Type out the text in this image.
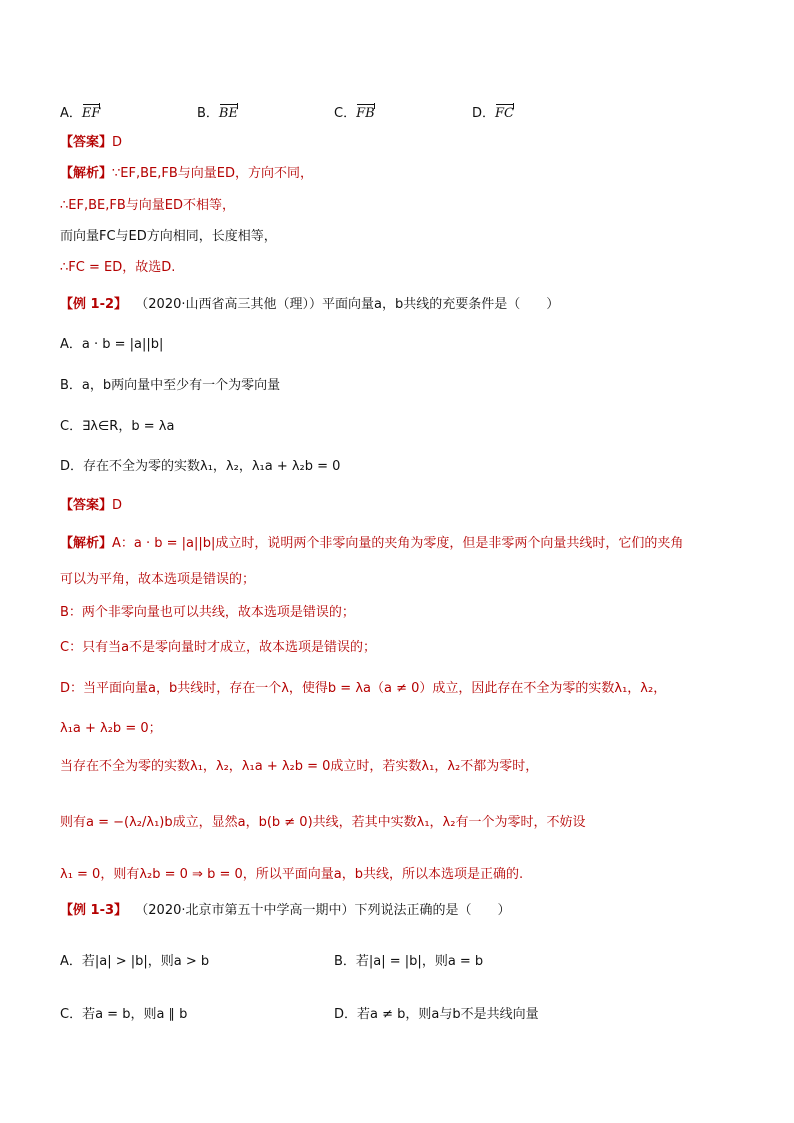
A．EF	B．BE	C．FB	D．FC
【答案】D
【解析】∵EF,BE,FB与向量ED，方向不同，
∴EF,BE,FB与向量ED不相等，
而向量FC与ED方向相同，长度相等，
∴FC = ED，故选D.
【例 1-2】 （2020·山西省高三其他（理））平面向量a，b共线的充要条件是（　　）
A．a · b = |a||b|
B．a，b两向量中至少有一个为零向量
C．∃λ∈R，b = λa
D．存在不全为零的实数λ₁，λ₂，λ₁a + λ₂b = 0
【答案】D
【解析】A：a · b = |a||b|成立时，说明两个非零向量的夹角为零度，但是非零两个向量共线时，它们的夹角
可以为平角，故本选项是错误的；
B：两个非零向量也可以共线，故本选项是错误的；
C：只有当a不是零向量时才成立，故本选项是错误的；
D：当平面向量a，b共线时，存在一个λ，使得b = λa（a ≠ 0）成立，因此存在不全为零的实数λ₁，λ₂，
λ₁a + λ₂b = 0；
当存在不全为零的实数λ₁，λ₂，λ₁a + λ₂b = 0成立时，若实数λ₁，λ₂不都为零时，
则有a = −(λ₂/λ₁)b成立，显然a，b(b ≠ 0)共线，若其中实数λ₁，λ₂有一个为零时，不妨设
λ₁ = 0，则有λ₂b = 0 ⇒ b = 0，所以平面向量a，b共线，所以本选项是正确的.
【例 1-3】 （2020·北京市第五十中学高一期中）下列说法正确的是（　　）
A．若|a| > |b|，则a > b	B．若|a| = |b|，则a = b
C．若a = b，则a ∥ b	D．若a ≠ b，则a与b不是共线向量
